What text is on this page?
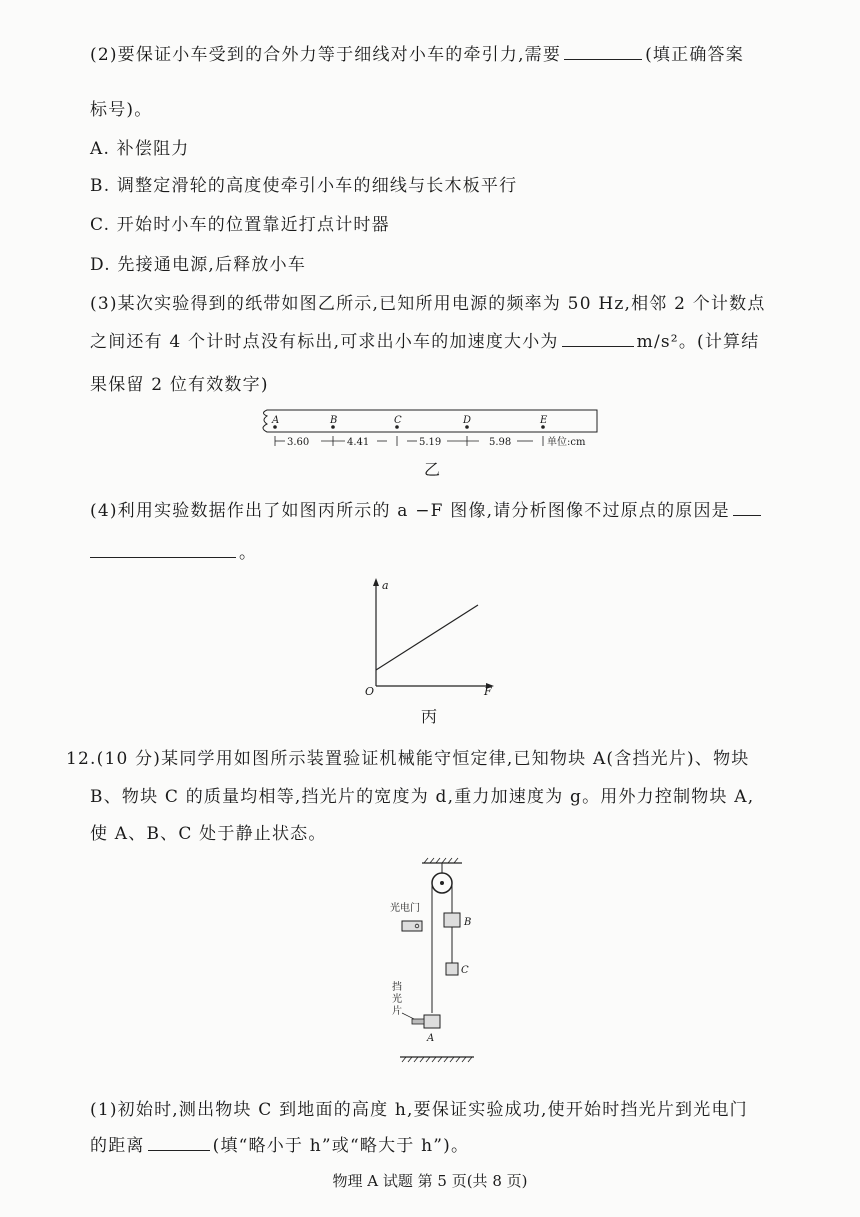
(2)要保证小车受到的合外力等于细线对小车的牵引力,需要	(填正确答案
标号)。
A. 补偿阻力
B. 调整定滑轮的高度使牵引小车的细线与长木板平行
C. 开始时小车的位置靠近打点计时器
D. 先接通电源,后释放小车
(3)某次实验得到的纸带如图乙所示,已知所用电源的频率为 50 Hz,相邻 2 个计数点
之间还有 4 个计时点没有标出,可求出小车的加速度大小为	m/s²。(计算结
果保留 2 位有效数字)
A	B	C	D	E
3.60	4.41	5.19	5.98	单位:cm
乙
(4)利用实验数据作出了如图丙所示的 a −F 图像,请分析图像不过原点的原因是
。
a
F
O
丙
12.(10 分)某同学用如图所示装置验证机械能守恒定律,已知物块 A(含挡光片)、物块
B、物块 C 的质量均相等,挡光片的宽度为 d,重力加速度为 g。用外力控制物块 A,
使 A、B、C 处于静止状态。
B
C
光电门
挡
光
片
A
(1)初始时,测出物块 C 到地面的高度 h,要保证实验成功,使开始时挡光片到光电门
的距离	(填“略小于 h”或“略大于 h”)。
物理 A 试题 第 5 页(共 8 页)
